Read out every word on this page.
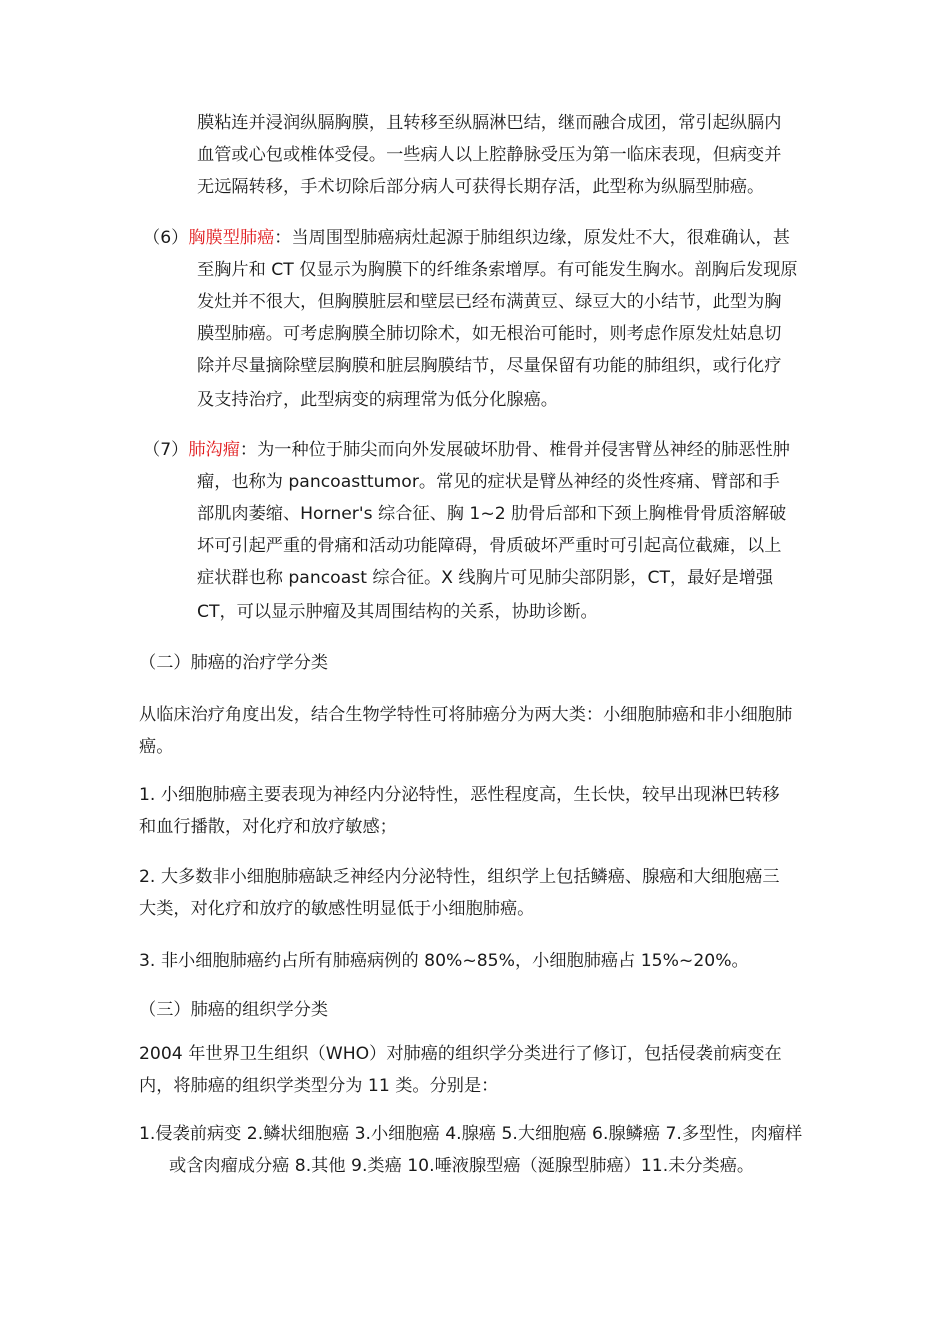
膜粘连并浸润纵膈胸膜，且转移至纵膈淋巴结，继而融合成团，常引起纵膈内

血管或心包或椎体受侵。一些病人以上腔静脉受压为第一临床表现，但病变并

无远隔转移，手术切除后部分病人可获得长期存活，此型称为纵膈型肺癌。

（6）胸膜型肺癌：当周围型肺癌病灶起源于肺组织边缘，原发灶不大，很难确认，甚

至胸片和 CT 仅显示为胸膜下的纤维条索增厚。有可能发生胸水。剖胸后发现原

发灶并不很大，但胸膜脏层和壁层已经布满黄豆、绿豆大的小结节，此型为胸

膜型肺癌。可考虑胸膜全肺切除术，如无根治可能时，则考虑作原发灶姑息切

除并尽量摘除壁层胸膜和脏层胸膜结节，尽量保留有功能的肺组织，或行化疗

及支持治疗，此型病变的病理常为低分化腺癌。

（7）肺沟瘤：为一种位于肺尖而向外发展破坏肋骨、椎骨并侵害臂丛神经的肺恶性肿

瘤，也称为 pancoasttumor。常见的症状是臂丛神经的炎性疼痛、臂部和手

部肌肉萎缩、Horner's 综合征、胸 1~2 肋骨后部和下颈上胸椎骨骨质溶解破

坏可引起严重的骨痛和活动功能障碍，骨质破坏严重时可引起高位截瘫，以上

症状群也称 pancoast 综合征。X 线胸片可见肺尖部阴影，CT，最好是增强

CT，可以显示肿瘤及其周围结构的关系，协助诊断。

（二）肺癌的治疗学分类

从临床治疗角度出发，结合生物学特性可将肺癌分为两大类：小细胞肺癌和非小细胞肺

癌。

1. 小细胞肺癌主要表现为神经内分泌特性，恶性程度高，生长快，较早出现淋巴转移

和血行播散，对化疗和放疗敏感；

2. 大多数非小细胞肺癌缺乏神经内分泌特性，组织学上包括鳞癌、腺癌和大细胞癌三

大类，对化疗和放疗的敏感性明显低于小细胞肺癌。

3. 非小细胞肺癌约占所有肺癌病例的 80%~85%，小细胞肺癌占 15%~20%。

（三）肺癌的组织学分类

2004 年世界卫生组织（WHO）对肺癌的组织学分类进行了修订，包括侵袭前病变在

内，将肺癌的组织学类型分为 11 类。分别是：

1.侵袭前病变 2.鳞状细胞癌 3.小细胞癌 4.腺癌 5.大细胞癌 6.腺鳞癌 7.多型性，肉瘤样

或含肉瘤成分癌 8.其他 9.类癌 10.唾液腺型癌（涎腺型肺癌）11.未分类癌。
